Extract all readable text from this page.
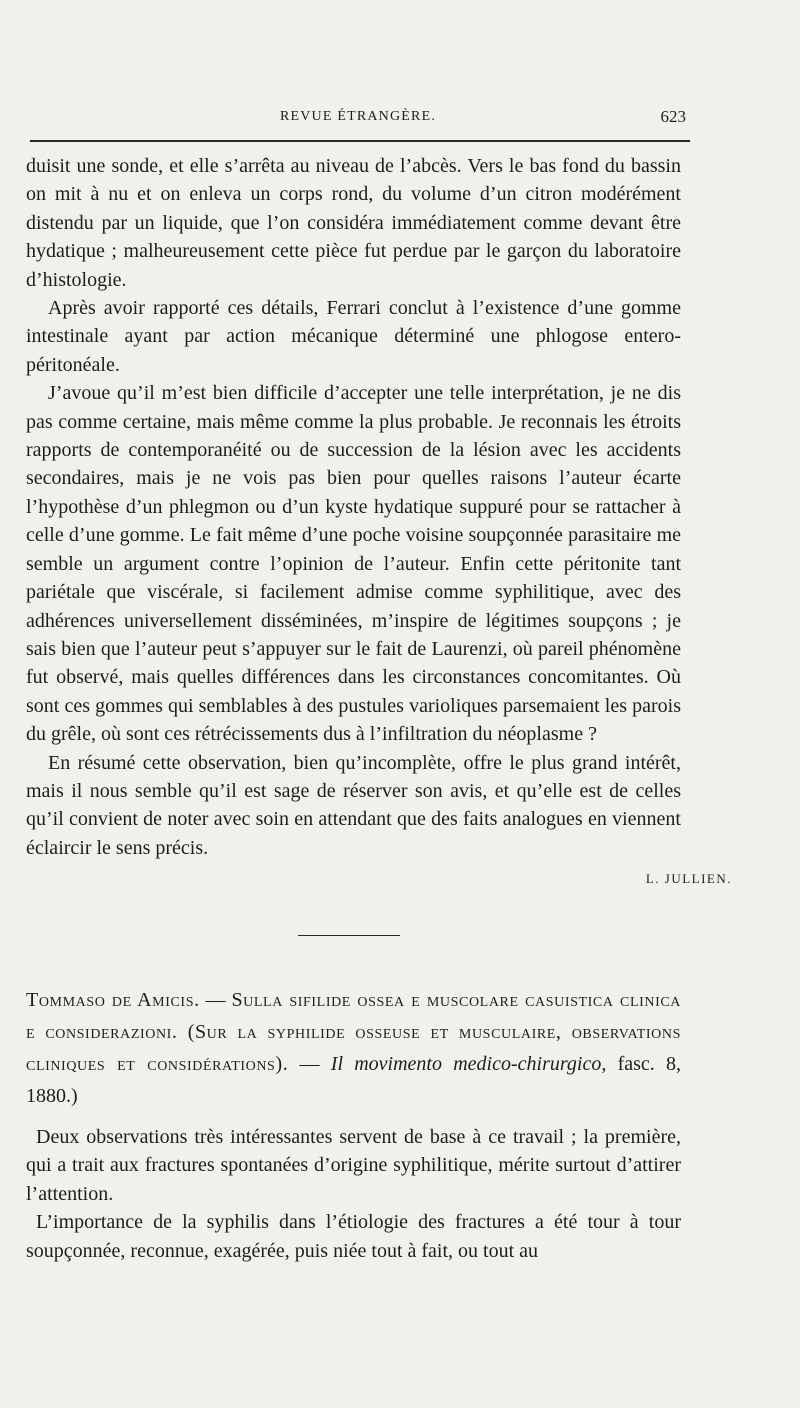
REVUE ÉTRANGÈRE.	623

duisit une sonde, et elle s’arrêta au niveau de l’abcès. Vers le bas fond du bassin on mit à nu et on enleva un corps rond, du volume d’un citron modérément distendu par un liquide, que l’on considéra immédiatement comme devant être hydatique ; malheureusement cette pièce fut perdue par le garçon du laboratoire d’histologie.

Après avoir rapporté ces détails, Ferrari conclut à l’existence d’une gomme intestinale ayant par action mécanique déterminé une phlogose entero-péritonéale.

J’avoue qu’il m’est bien difficile d’accepter une telle interprétation, je ne dis pas comme certaine, mais même comme la plus probable. Je reconnais les étroits rapports de contemporanéité ou de succession de la lésion avec les accidents secondaires, mais je ne vois pas bien pour quelles raisons l’auteur écarte l’hypothèse d’un phlegmon ou d’un kyste hydatique suppuré pour se rattacher à celle d’une gomme. Le fait même d’une poche voisine soupçonnée parasitaire me semble un argument contre l’opinion de l’auteur. Enfin cette péritonite tant pariétale que viscérale, si facilement admise comme syphilitique, avec des adhérences universellement disséminées, m’inspire de légitimes soupçons ; je sais bien que l’auteur peut s’appuyer sur le fait de Laurenzi, où pareil phénomène fut observé, mais quelles différences dans les circonstances concomitantes. Où sont ces gommes qui semblables à des pustules varioliques parsemaient les parois du grêle, où sont ces rétrécissements dus à l’infiltration du néoplasme ?

En résumé cette observation, bien qu’incomplète, offre le plus grand intérêt, mais il nous semble qu’il est sage de réserver son avis, et qu’elle est de celles qu’il convient de noter avec soin en attendant que des faits analogues en viennent éclaircir le sens précis.

L. JULLIEN.
Tommaso de Amicis. — Sulla sifilide ossea e muscolare casuistica clinica e considerazioni. (Sur la syphilide osseuse et musculaire, observations cliniques et considérations). — Il movimento medico-chirurgico, fasc. 8, 1880.)

Deux observations très intéressantes servent de base à ce travail ; la première, qui a trait aux fractures spontanées d’origine syphilitique, mérite surtout d’attirer l’attention.

L’importance de la syphilis dans l’étiologie des fractures a été tour à tour soupçonnée, reconnue, exagérée, puis niée tout à fait, ou tout au
